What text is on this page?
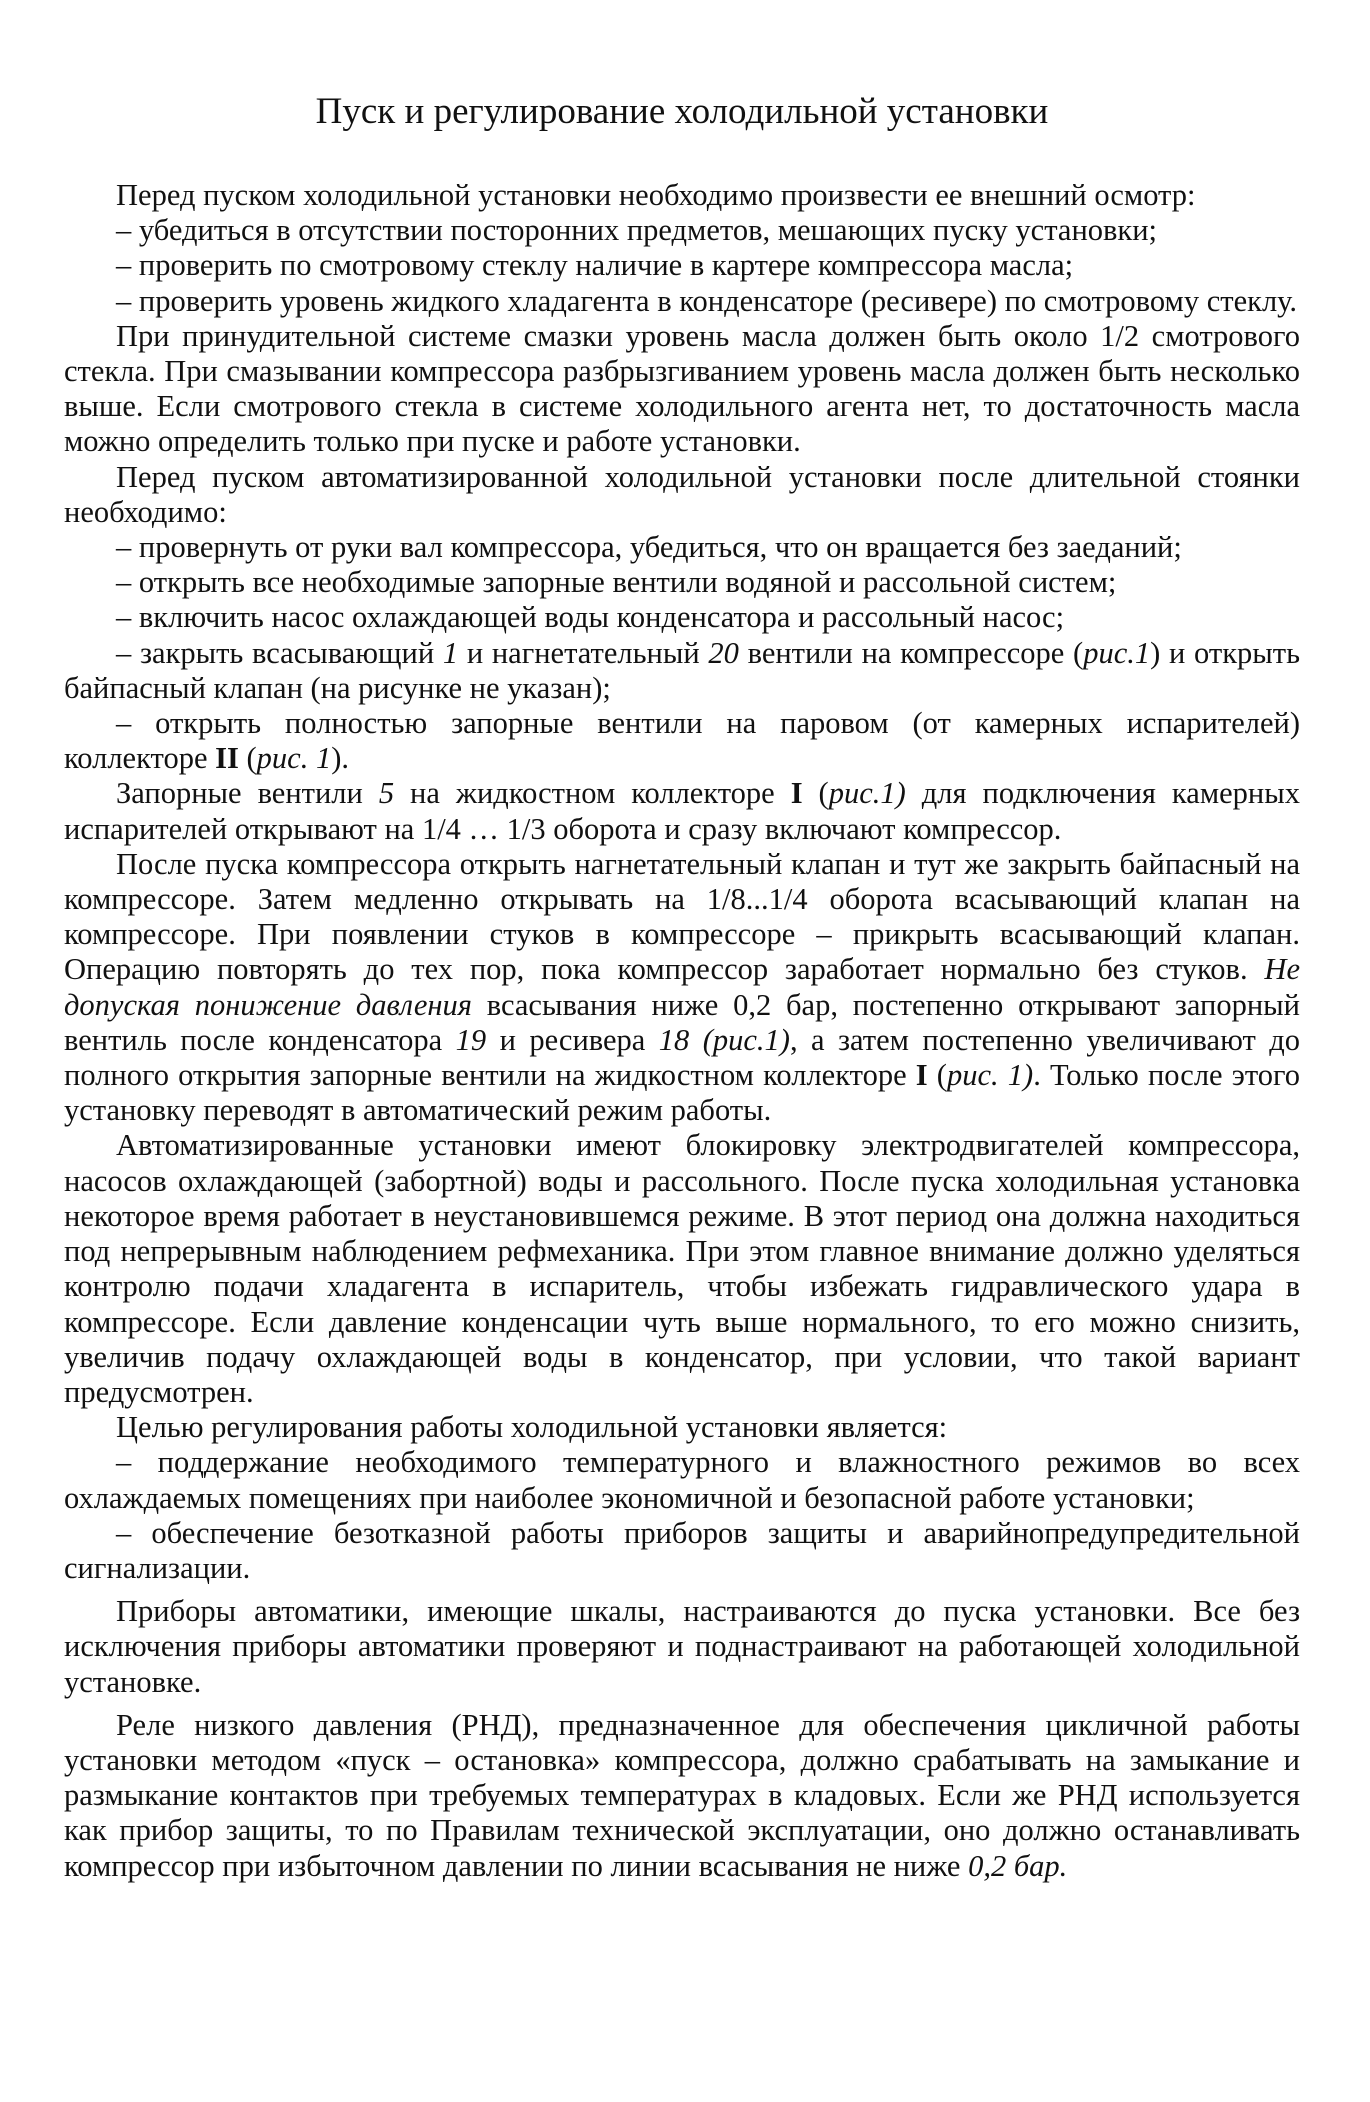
Пуск и регулирование холодильной установки

Перед пуском холодильной установки необходимо произвести ее внешний осмотр:

– убедиться в отсутствии посторонних предметов, мешающих пуску установки;

– проверить по смотровому стеклу наличие в картере компрессора масла;

– проверить уровень жидкого хладагента в конденсаторе (ресивере) по смотровому стеклу.

При принудительной системе смазки уровень масла должен быть около 1/2 смотрового стекла. При смазывании компрессора разбрызгиванием уровень масла должен быть несколько выше. Если смотрового стекла в системе холодильного агента нет, то достаточность масла можно определить только при пуске и работе установки.

Перед пуском автоматизированной холодильной установки после длительной стоянки необходимо:

– провернуть от руки вал компрессора, убедиться, что он вращается без заеданий;

– открыть все необходимые запорные вентили водяной и рассольной систем;

– включить насос охлаждающей воды конденсатора и рассольный насос;

– закрыть всасывающий 1 и нагнетательный 20 вентили на компрессоре (рис.1) и открыть байпасный клапан (на рисунке не указан);

– открыть полностью запорные вентили на паровом (от камерных испарителей) коллекторе II (рис. 1).

Запорные вентили 5 на жидкостном коллекторе I (рис.1) для подключения камерных испарителей открывают на 1/4 … 1/3 оборота и сразу включают компрессор.

После пуска компрессора открыть нагнетательный клапан и тут же закрыть байпасный на компрессоре. Затем медленно открывать на 1/8...1/4 оборота всасывающий клапан на компрессоре. При появлении стуков в компрессоре – прикрыть всасывающий клапан. Операцию повторять до тех пор, пока компрессор заработает нормально без стуков. Не допуская понижение давления всасывания ниже 0,2 бар, постепенно открывают запорный вентиль после конденсатора 19 и ресивера 18 (рис.1), а затем постепенно увеличивают до полного открытия запорные вентили на жидкостном коллекторе I (рис. 1). Только после этого установку переводят в автоматический режим работы.

Автоматизированные установки имеют блокировку электродвигателей компрессора, насосов охлаждающей (забортной) воды и рассольного. После пуска холодильная установка некоторое время работает в неустановившемся режиме. В этот период она должна находиться под непрерывным наблюдением рефмеханика. При этом главное внимание должно уделяться контролю подачи хладагента в испаритель, чтобы избежать гидравлического удара в компрессоре. Если давление конденсации чуть выше нормального, то его можно снизить, увеличив подачу охлаждающей воды в конденсатор, при условии, что такой вариант предусмотрен.

Целью регулирования работы холодильной установки является:

– поддержание необходимого температурного и влажностного режимов во всех охлаждаемых помещениях при наиболее экономичной и безопасной работе установки;

– обеспечение безотказной работы приборов защиты и аварийнопредупредительной сигнализации.

Приборы автоматики, имеющие шкалы, настраиваются до пуска установки. Все без исключения приборы автоматики проверяют и поднастраивают на работающей холодильной установке.

Реле низкого давления (РНД), предназначенное для обеспечения цикличной работы установки методом «пуск – остановка» компрессора, должно срабатывать на замыкание и размыкание контактов при требуемых температурах в кладовых. Если же РНД используется как прибор защиты, то по Правилам технической эксплуатации, оно должно останавливать компрессор при избыточном давлении по линии всасывания не ниже 0,2 бар.
